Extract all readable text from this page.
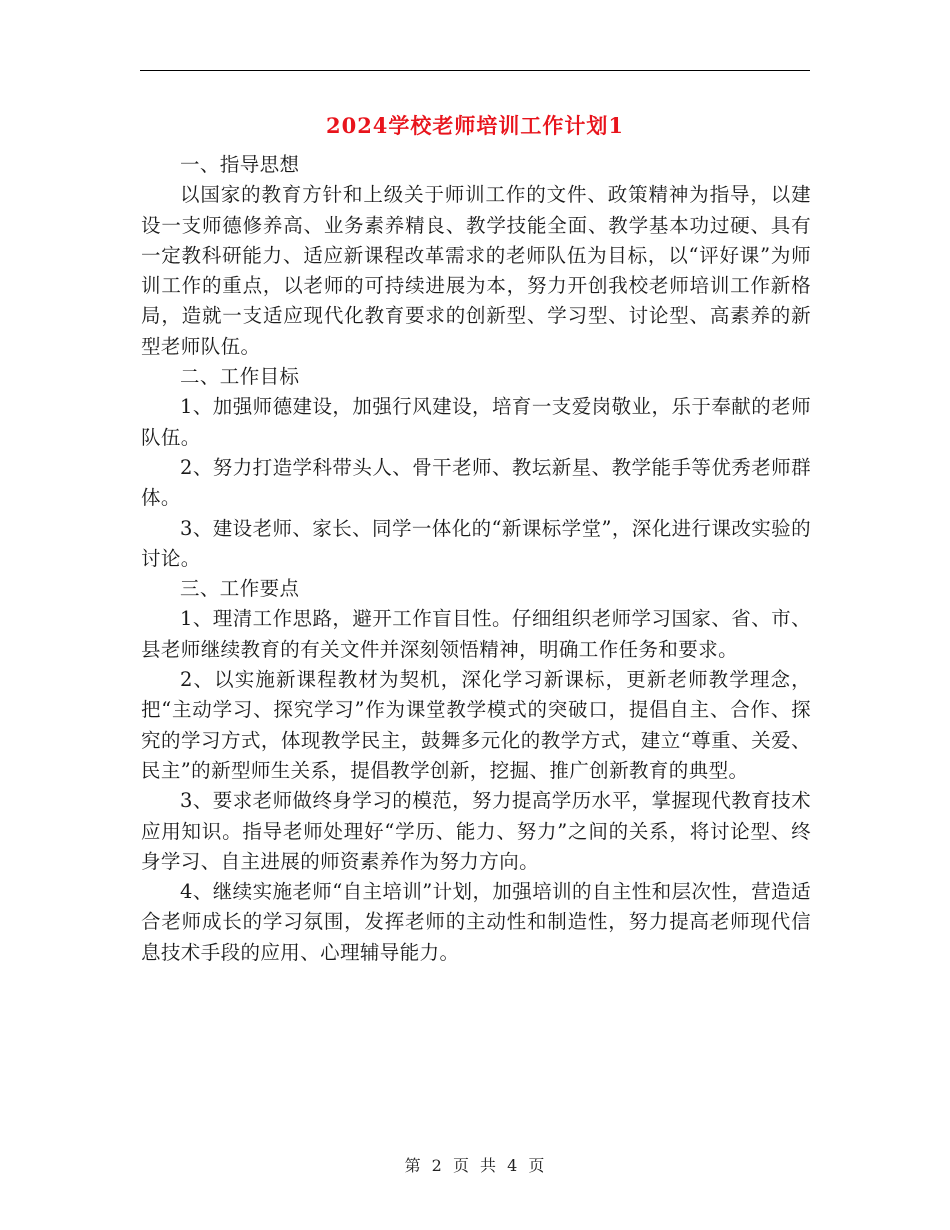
2024学校老师培训工作计划1

一、指导思想

以国家的教育方针和上级关于师训工作的文件、政策精神为指导，以建设一支师德修养高、业务素养精良、教学技能全面、教学基本功过硬、具有一定教科研能力、适应新课程改革需求的老师队伍为目标，以“评好课”为师训工作的重点，以老师的可持续进展为本，努力开创我校老师培训工作新格局，造就一支适应现代化教育要求的创新型、学习型、讨论型、高素养的新型老师队伍。

二、工作目标

1、加强师德建设，加强行风建设，培育一支爱岗敬业，乐于奉献的老师队伍。

2、努力打造学科带头人、骨干老师、教坛新星、教学能手等优秀老师群体。

3、建设老师、家长、同学一体化的“新课标学堂”，深化进行课改实验的讨论。

三、工作要点

1、理清工作思路，避开工作盲目性。仔细组织老师学习国家、省、市、县老师继续教育的有关文件并深刻领悟精神，明确工作任务和要求。

2、以实施新课程教材为契机，深化学习新课标，更新老师教学理念，把“主动学习、探究学习”作为课堂教学模式的突破口，提倡自主、合作、探究的学习方式，体现教学民主，鼓舞多元化的教学方式，建立“尊重、关爱、民主”的新型师生关系，提倡教学创新，挖掘、推广创新教育的典型。

3、要求老师做终身学习的模范，努力提高学历水平，掌握现代教育技术应用知识。指导老师处理好“学历、能力、努力”之间的关系，将讨论型、终身学习、自主进展的师资素养作为努力方向。

4、继续实施老师“自主培训”计划，加强培训的自主性和层次性，营造适合老师成长的学习氛围，发挥老师的主动性和制造性，努力提高老师现代信息技术手段的应用、心理辅导能力。

第 2 页 共 4 页
